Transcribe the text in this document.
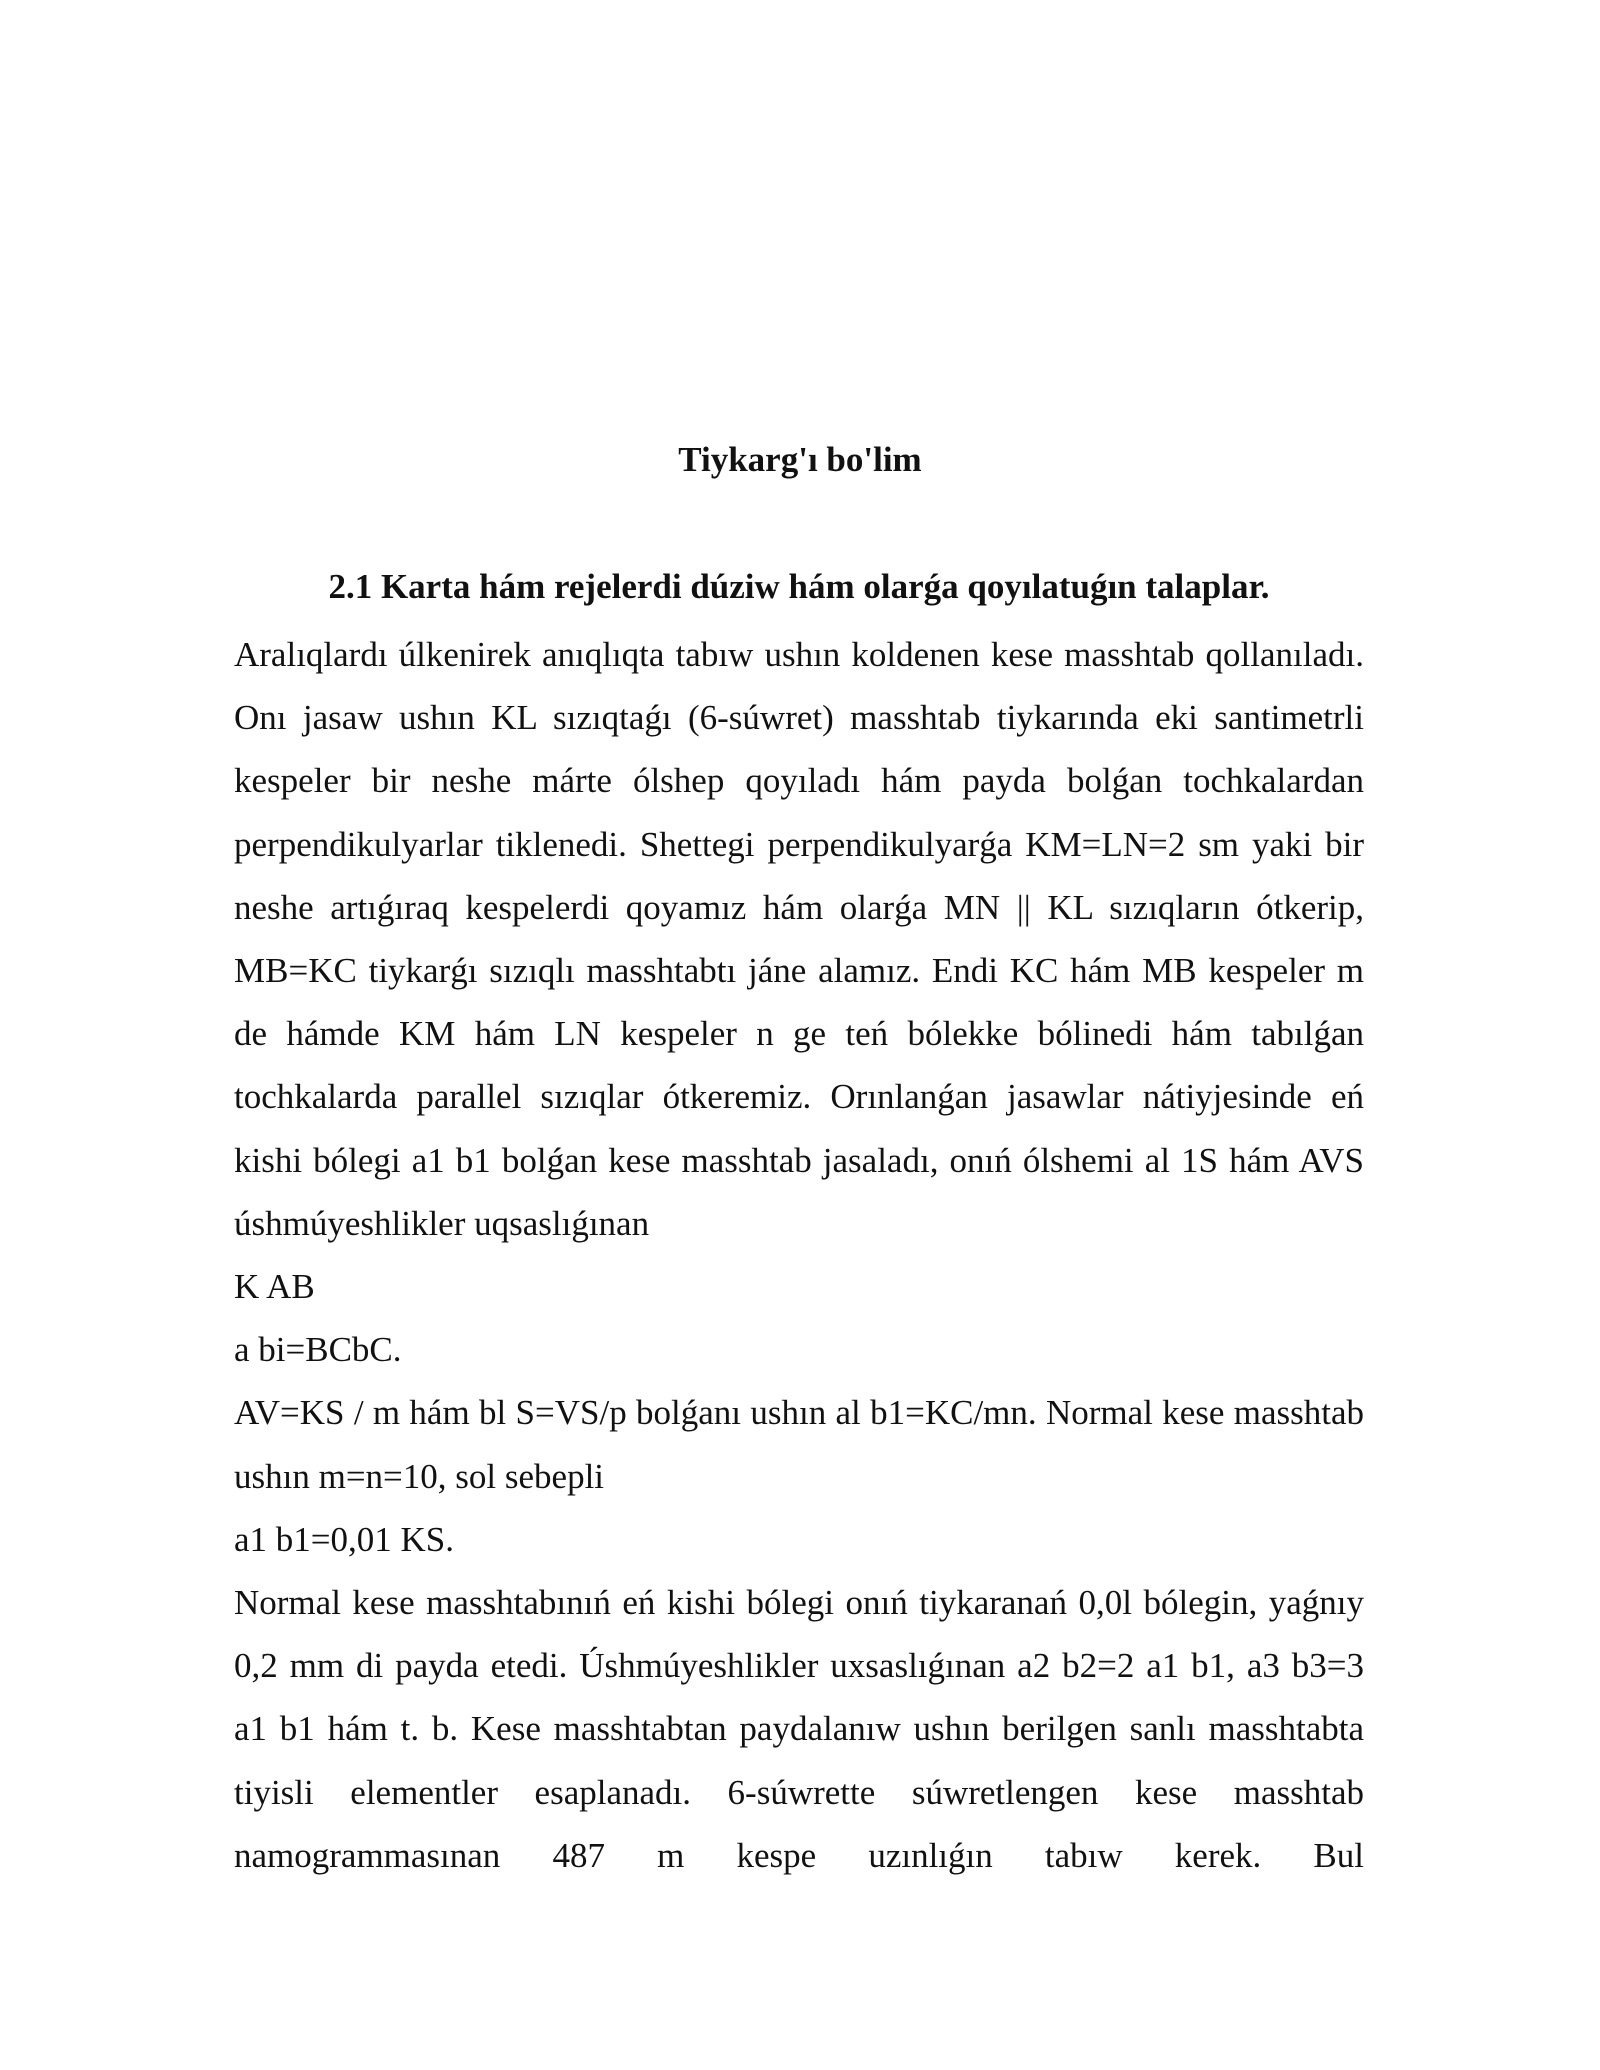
Tiykarg'ı bo'lim
2.1 Karta hám rejelerdi dúziw hám olarǵa qoyılatuǵın talaplar.

Aralıqlardı úlkenirek anıqlıqta tabıw ushın koldenen kese masshtab qollanıladı. Onı jasaw ushın KL sızıqtaǵı (6-súwret) masshtab tiykarında eki santimetrli kespeler bir neshe márte ólshep qoyıladı hám payda bolǵan tochkalardan perpendikulyarlar tiklenedi. Shettegi perpendikulyarǵa KM=LN=2 sm yaki bir neshe artıǵıraq kespelerdi qoyamız hám olarǵa MN || KL sızıqların ótkerip, MB=KC tiykarǵı sızıqlı masshtabtı jáne alamız. Endi KC hám MB kespeler m de hámde KM hám LN kespeler n ge teń bólekke bólinedi hám tabılǵan tochkalarda parallel sızıqlar ótkeremiz. Orınlanǵan jasawlar nátiyjesinde eń kishi bólegi a1 b1 bolǵan kese masshtab jasaladı, onıń ólshemi al 1S hám AVS úshmúyeshlikler uqsaslıǵınan

K AB

a bi=BCbC.

AV=KS / m hám bl S=VS/p bolǵanı ushın al b1=KC/mn. Normal kese masshtab ushın m=n=10, sol sebepli

a1 b1=0,01 KS.

Normal kese masshtabınıń eń kishi bólegi onıń tiykaranań 0,0l bólegin, yaǵnıy 0,2 mm di payda etedi. Úshmúyeshlikler uxsaslıǵınan a2 b2=2 a1 b1, a3 b3=3 a1 b1 hám t. b. Kese masshtabtan paydalanıw ushın berilgen sanlı masshtabta tiyisli elementler esaplanadı. 6-súwrette súwretlengen kese masshtab namogrammasınan 487 m kespe uzınlıǵın tabıw kerek. Bul
